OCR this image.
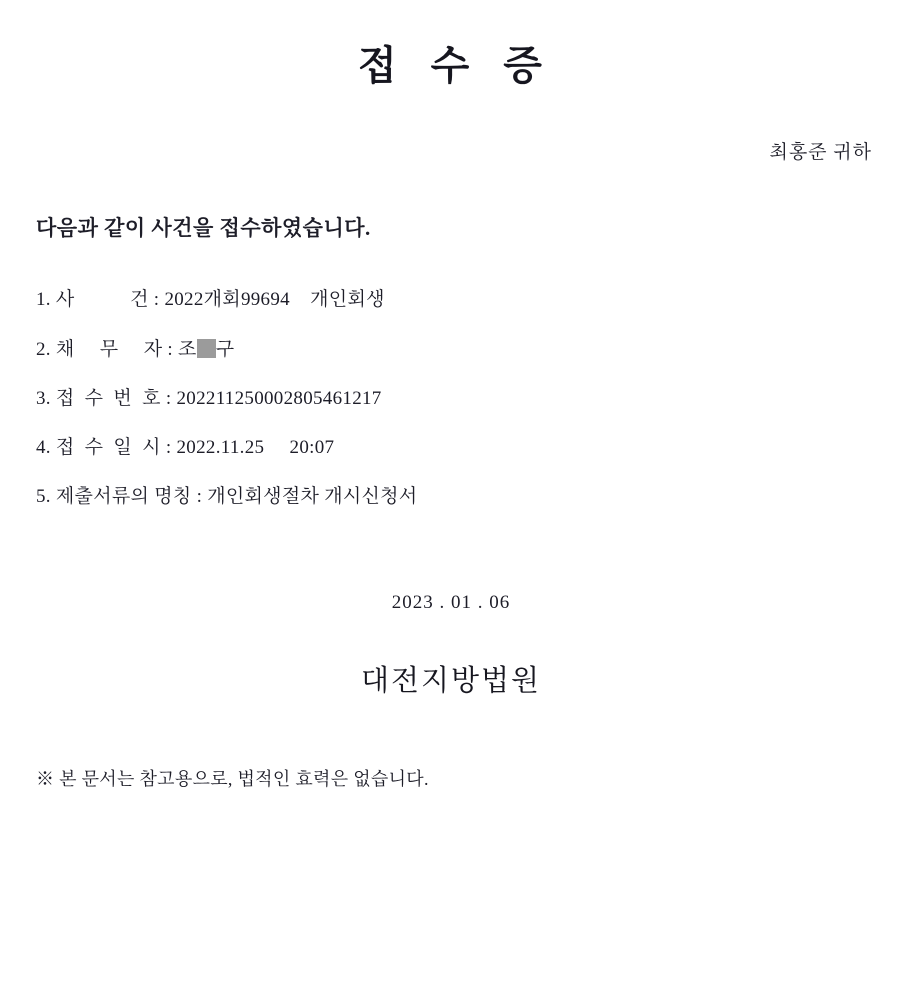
접 수 증
최홍준 귀하
다음과 같이 사건을 접수하였습니다.
1. 사           건 : 2022개회99694    개인회생
2. 채     무     자 : 조 구
3. 접  수  번  호 : 202211250002805461217
4. 접  수  일  시 : 2022.11.25     20:07
5. 제출서류의 명칭 : 개인회생절차 개시신청서
2023 . 01 . 06
대전지방법원
※ 본 문서는 참고용으로, 법적인 효력은 없습니다.
